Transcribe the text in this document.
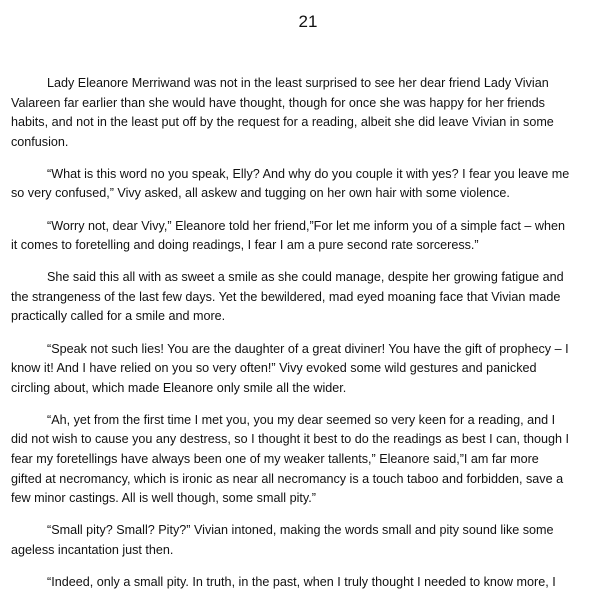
21

Lady Eleanore Merriwand was not in the least surprised to see her dear friend Lady Vivian Valareen far earlier than she would have thought, though for once she was happy for her friends habits, and not in the least put off by the request for a reading, albeit she did leave Vivian in some confusion.

“What is this word no you speak, Elly? And why do you couple it with yes? I fear you leave me so very confused,” Vivy asked, all askew and tugging on her own hair with some violence.

“Worry not, dear Vivy,” Eleanore told her friend,”For let me inform you of a simple fact – when it comes to foretelling and doing readings, I fear I am a pure second rate sorceress.”

She said this all with as sweet a smile as she could manage, despite her growing fatigue and the strangeness of the last few days. Yet the bewildered, mad eyed moaning face that Vivian made practically called for a smile and more.

“Speak not such lies! You are the daughter of a great diviner! You have the gift of prophecy – I know it! And I have relied on you so very often!” Vivy evoked some wild gestures and panicked circling about, which made Eleanore only smile all the wider.

“Ah, yet from the first time I met you, you my dear seemed so very keen for a reading, and I did not wish to cause you any destress, so I thought it best to do the readings as best I can, though I fear my foretellings have always been one of my weaker tallents,” Eleanore said,”I am far more gifted at necromancy, which is ironic as near all necromancy is a touch taboo and forbidden, save a few minor castings. All is well though, some small pity.”

“Small pity? Small? Pity?” Vivian intoned, making the words small and pity sound like some ageless incantation just then.

“Indeed, only a small pity. In truth, in the past, when I truly thought I needed to know more, I
